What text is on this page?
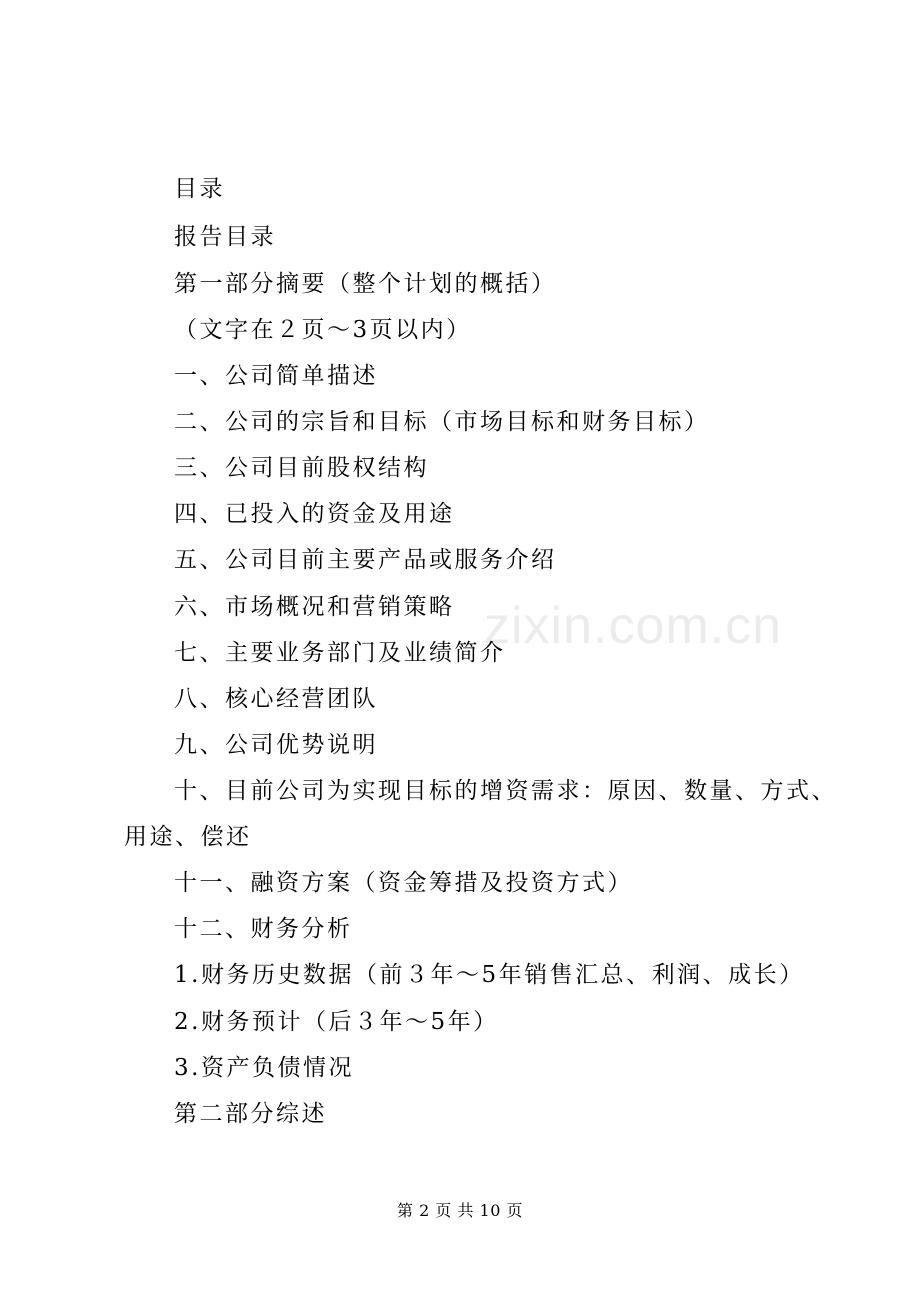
zixin.com.cn
目录
报告目录
第一部分摘要（整个计划的概括）
（文字在２页～3页以内）
一、公司简单描述
二、公司的宗旨和目标（市场目标和财务目标）
三、公司目前股权结构
四、已投入的资金及用途
五、公司目前主要产品或服务介绍
六、市场概况和营销策略
七、主要业务部门及业绩简介
八、核心经营团队
九、公司优势说明
十、目前公司为实现目标的增资需求：原因、数量、方式、
用途、偿还
十一、融资方案（资金筹措及投资方式）
十二、财务分析
1.财务历史数据（前３年～5年销售汇总、利润、成长）
2.财务预计（后３年～5年）
3.资产负债情况
第二部分综述
第 2 页 共 10 页
